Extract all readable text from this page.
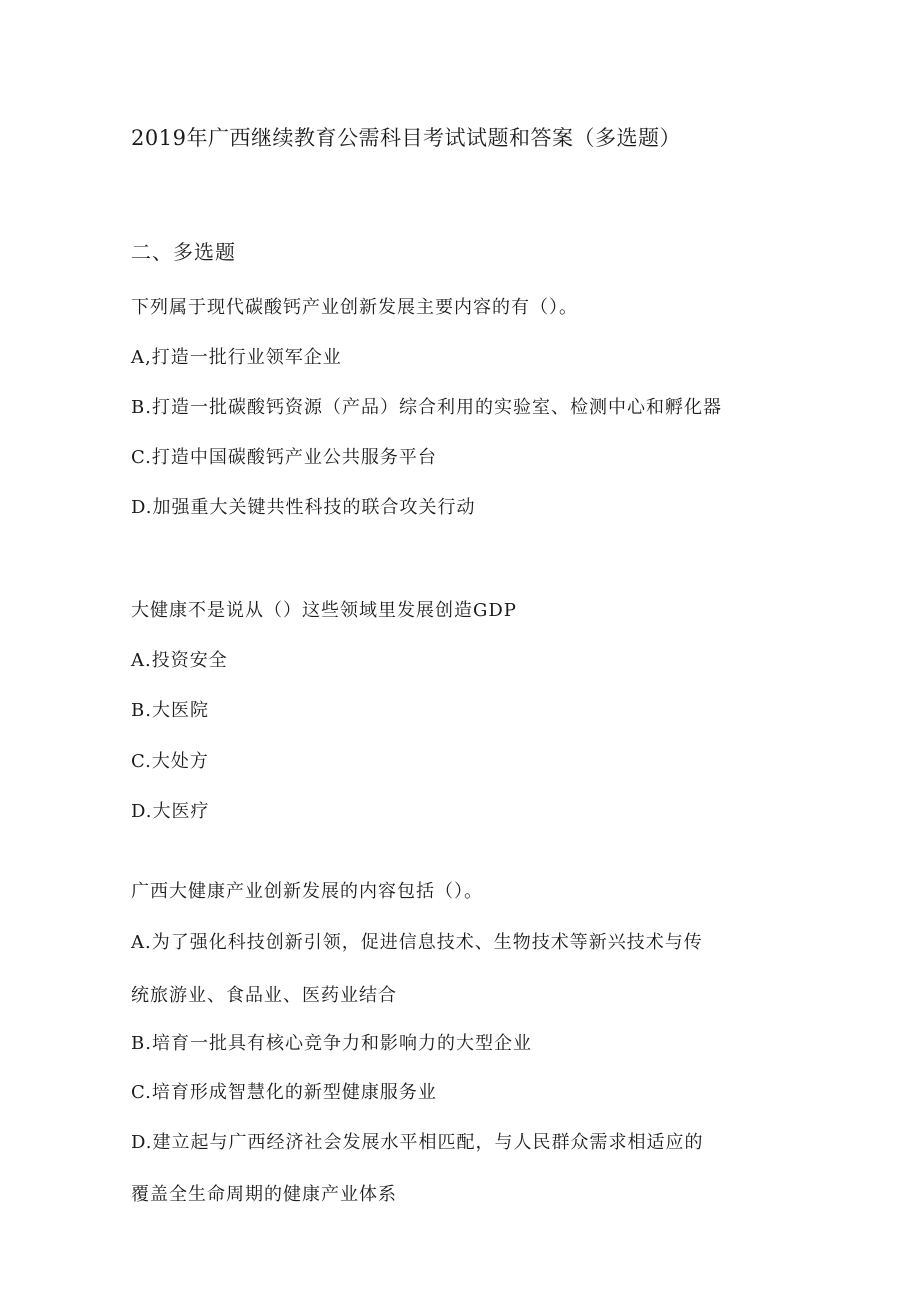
2019年广西继续教育公需科目考试试题和答案（多选题）
二、多选题
下列属于现代碳酸钙产业创新发展主要内容的有（）。
A,打造一批行业领军企业
B.打造一批碳酸钙资源（产品）综合利用的实验室、检测中心和孵化器
C.打造中国碳酸钙产业公共服务平台
D.加强重大关键共性科技的联合攻关行动
大健康不是说从（）这些领域里发展创造GDP
A.投资安全
B.大医院
C.大处方
D.大医疗
广西大健康产业创新发展的内容包括（）。
A.为了强化科技创新引领，促进信息技术、生物技术等新兴技术与传
统旅游业、食品业、医药业结合
B.培育一批具有核心竞争力和影响力的大型企业
C.培育形成智慧化的新型健康服务业
D.建立起与广西经济社会发展水平相匹配，与人民群众需求相适应的
覆盖全生命周期的健康产业体系
